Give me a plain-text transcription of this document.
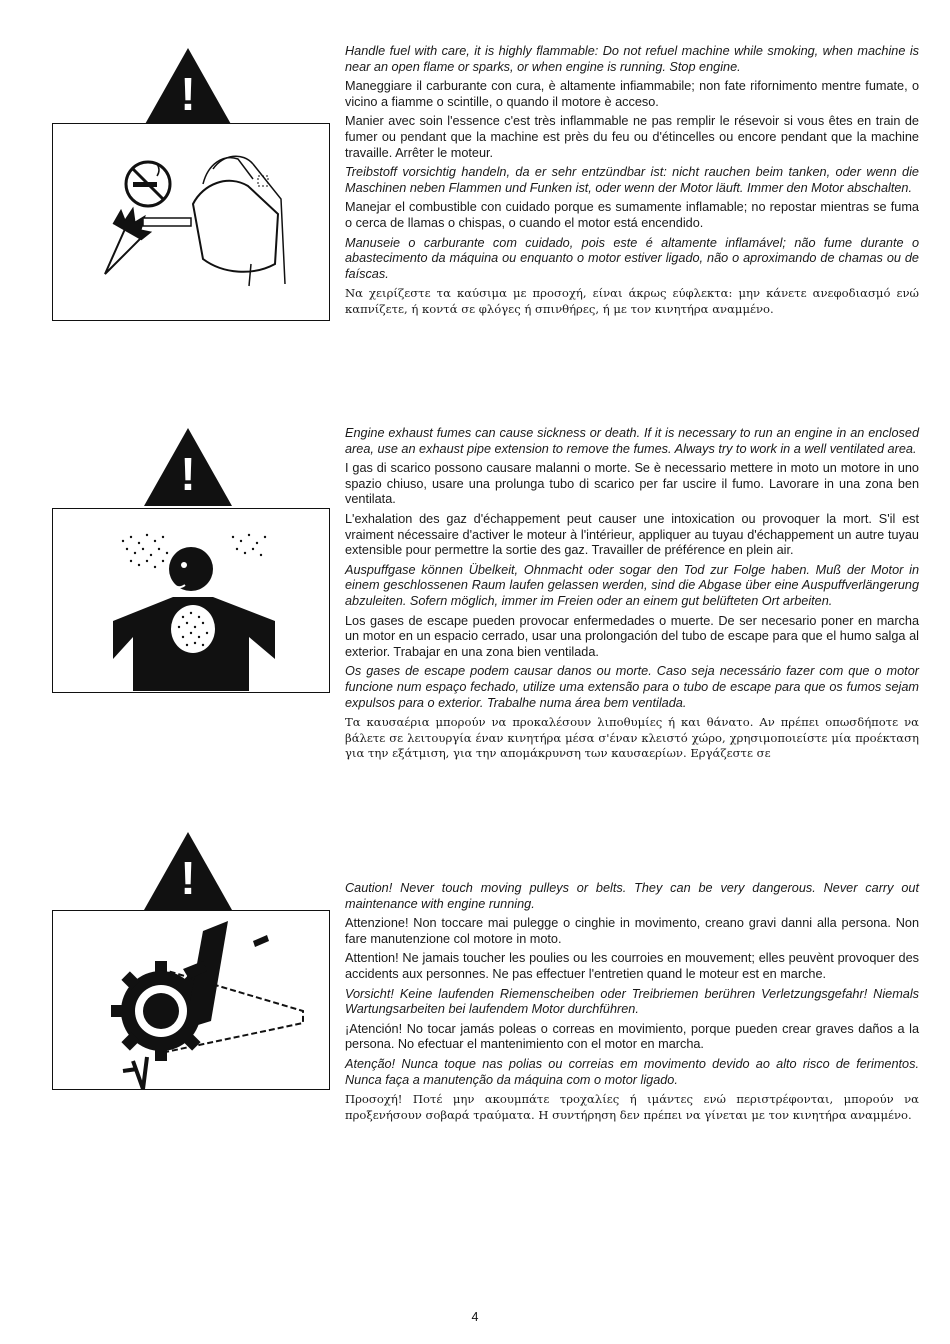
!

Handle fuel with care, it is highly flammable: Do not refuel machine while smoking, when machine is near an open flame or sparks, or when engine is running. Stop engine.

Maneggiare il carburante con cura, è altamente infiammabile; non fate rifornimento mentre fumate, o vicino a fiamme o scintille, o quando il motore è acceso.

Manier avec soin l'essence c'est très inflammable ne pas remplir le résevoir si vous êtes en train de fumer ou pendant que la machine est près du feu ou d'étincelles ou encore pendant que la machine travaille. Arrêter le moteur.

Treibstoff vorsichtig handeln, da er sehr entzündbar ist: nicht rauchen beim tanken, oder wenn die Maschinen neben Flammen und Funken ist, oder wenn der Motor läuft. Immer den Motor abschalten.

Manejar el combustible con cuidado porque es sumamente inflamable; no repostar mientras se fuma o cerca de llamas o chispas, o cuando el motor está encendido.

Manuseie o carburante com cuidado, pois este é altamente inflamável; não fume durante o abastecimento da máquina ou enquanto o motor estiver ligado, não o aproximando de chamas ou de faíscas.

Να χειρίζεστε τα καύσιμα με προσοχή, είναι άκρως εύφλεκτα: μην κάνετε ανεφοδιασμό ενώ καπνίζετε, ή κοντά σε φλόγες ή σπινθήρες, ή με τον κινητήρα αναμμένο.

!

Engine exhaust fumes can cause sickness or death. If it is necessary to run an engine in an enclosed area, use an exhaust pipe extension to remove the fumes. Always try to work in a well ventilated area.

I gas di scarico possono causare malanni o morte. Se è necessario mettere in moto un motore in uno spazio chiuso, usare una prolunga tubo di scarico per far uscire il fumo. Lavorare in una zona ben ventilata.

L'exhalation des gaz d'échappement peut causer une intoxication ou provoquer la mort. S'il est vraiment nécessaire d'activer le moteur à l'intérieur, appliquer au tuyau d'échappement un autre tuyau extensible pour permettre la sortie des gaz. Travailler de préférence en plein air.

Auspuffgase können Übelkeit, Ohnmacht oder sogar den Tod zur Folge haben. Muß der Motor in einem geschlossenen Raum laufen gelassen werden, sind die Abgase über eine Auspuffverlängerung abzuleiten. Sofern möglich, immer im Freien oder an einem gut belüfteten Ort arbeiten.

Los gases de escape pueden provocar enfermedades o muerte. De ser necesario poner en marcha un motor en un espacio cerrado, usar una prolongación del tubo de escape para que el humo salga al exterior. Trabajar en una zona bien ventilada.

Os gases de escape podem causar danos ou morte. Caso seja necessário fazer com que o motor funcione num espaço fechado, utilize uma extensão para o tubo de escape para que os fumos sejam expulsos para o exterior. Trabalhe numa área bem ventilada.

Τα καυσαέρια μπορούν να προκαλέσουν λιποθυμίες ή και θάνατο. Αν πρέπει οπωσδήποτε να βάλετε σε λειτουργία έναν κινητήρα μέσα σ'έναν κλειστό χώρο, χρησιμοποιείστε μία προέκταση για την εξάτμιση, για την απομάκρυνση των καυσαερίων. Εργάζεστε σε

!	Caution! Never touch moving pulleys or belts. They can be very dangerous. Never carry out maintenance with engine running.

Attenzione! Non toccare mai pulegge o cinghie in movimento, creano gravi danni alla persona. Non fare manutenzione col motore in moto.

Attention! Ne jamais toucher les poulies ou les courroies en mouvement; elles peuvènt provoquer des accidents aux personnes. Ne pas effectuer l'entretien quand le moteur est en marche.

Vorsicht! Keine laufenden Riemenscheiben oder Treibriemen berühren Verletzungsgefahr! Niemals Wartungsarbeiten bei laufendem Motor durchführen.

¡Atención! No tocar jamás poleas o correas en movimiento, porque pueden crear graves daños a la persona. No efectuar el mantenimiento con el motor en marcha.

Atenção! Nunca toque nas polias ou correias em movimento devido ao alto risco de ferimentos. Nunca faça a manutenção da máquina com o motor ligado.

Προσοχή! Ποτέ μην ακουμπάτε τροχαλίες ή ιμάντες ενώ περιστρέφονται, μπορούν να προξενήσουν σοβαρά τραύματα. Η συντήρηση δεν πρέπει να γίνεται με τον κινητήρα αναμμένο.

4
